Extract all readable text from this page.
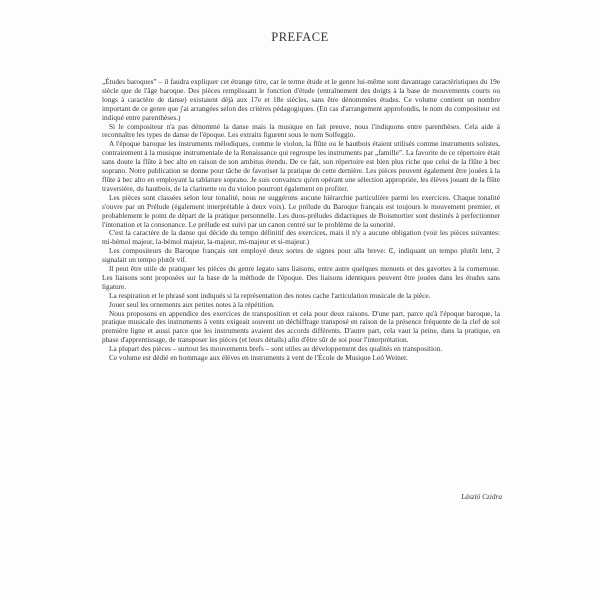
PREFACE

„Études baroques” – il faudra expliquer cet étrange titre, car le terme étude et le genre lui-même sont davantage caractéristiques du 19e siècle que de l'âge baroque. Des pièces remplissant le fonction d'étude (entraînement des doigts à la base de mouvements courts ou longs à caractère de danse) existaient déjà aux 17e et 18e siècles, sans être dénommées études. Ce volume contient un nombre important de ce genre que j'ai arrangées selon des critères pédagogiques. (En cas d'arrangement approfondis, le nom du compositeur est indiqué entre parenthèses.)

Si le compositeur n'a pas dénommé la danse mais la musique en fait preuve, nous l'indiquons entre parenthèses. Cela aide à reconnaître les types de danse de l'époque. Les extraits figurent sous le nom Solfeggio.

A l'époque baroque les instruments mélodiques, comme le violon, la flûte ou le hautbois étaient utilisés comme instruments solistes, contrairement à la musique instrumentale de la Renaissance qui regroupe les instruments par „famille”. La favorite de ce répertoire était sans doute la flûte à bec alto en raison de son ambitus étendu. De ce fait, son répertoire est bien plus riche que celui de la flûte à bec soprano. Notre publication se donne pour tâche de favoriser la pratique de cette dernière. Les pièces peuvent également être jouées à la flûte à bec alto en employant la tablature soprano. Je suis convaincu qu'en opérant une sélection appropriée, les élèves jouant de la flûte traversière, du hautbois, de la clarinette ou du violon pourront également en profiter.

Les pièces sont classées selon leur tonalité, nous ne suggérons aucune hiérarchie particulière parmi les exercices. Chaque tonalité s'ouvre par un Prélude (également interprétable à deux voix). Le prélude du Baroque français est toujours le mouvement premier, et probablement le point de départ de la pratique personnelle. Les duos-préludes didactiques de Boismortier sont destinés à perfectionner l'intonation et la consonance. Le prélude est suivi par un canon centré sur le problème de la sonorité.

C'est la caractère de la danse qui décide du tempo définitif des exercices, mais il n'y a aucune obligation (voir les pièces suivantes: mi-bémol majeur, la-bémol majeur, la-majeur, mi-majeur et si-majeur.)

Les compositeurs du Baroque français ont employé deux sortes de signes pour alla breve: ₵, indiquant un tempo plutôt lent, 2 signalait un tempo plutôt vif.

Il peut être utile de pratiquer les pièces du genre legato sans liaisons, entre autre quelques menuets et des gavottes à la cornemuse. Les liaisons sont proposées sur la base de la méthode de l'époque. Des liaisons identiques peuvent être jouées dans les études sans ligature.

La respiration et le phrasé sont indiqués si la représentation des notes cache l'articulation musicale de la pièce.

Jouer seul les ornements aux petites notes à la répétition.

Nous proposons en appendice des exercices de transposition et cela pour deux raisons. D'une part, parce qu'à l'époque baroque, la pratique musicale des instruments à vents exigeait souvent un déchiffrage transposé en raison de la présence fréquente de la clef de sol première ligne et aussi parce que les instruments avaient des accords différents. D'autre part, cela vaut la peine, dans la pratique, en phase d'apprentissage, de transposer les pièces (et leurs détails) afin d'être sûr de soi pour l'interprétation.

La plupart des pièces – surtout les mouvements brefs – sont utiles au développement des qualités en transposition.

Ce volume est dédié en hommage aux élèves en instruments à vent de l'École de Musique Leó Weiner.

László Czidra
